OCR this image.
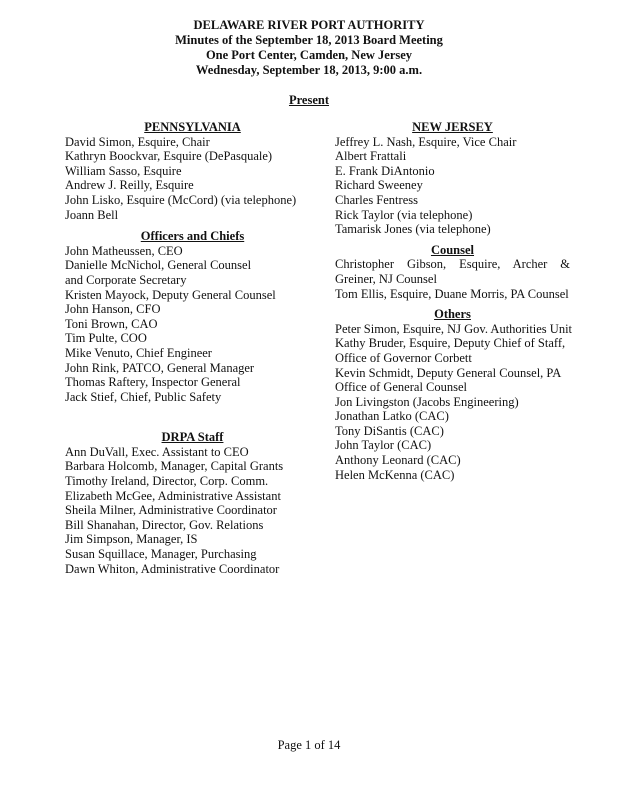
DELAWARE RIVER PORT AUTHORITY
Minutes of the September 18, 2013 Board Meeting
One Port Center, Camden, New Jersey
Wednesday, September 18, 2013, 9:00 a.m.
Present
PENNSYLVANIA
David Simon, Esquire, Chair
Kathryn Boockvar, Esquire (DePasquale)
William Sasso, Esquire
Andrew J. Reilly, Esquire
John Lisko, Esquire (McCord) (via telephone)
Joann Bell
Officers and Chiefs
John Matheussen, CEO
Danielle McNichol, General Counsel
and Corporate Secretary
Kristen Mayock, Deputy General Counsel
John Hanson, CFO
Toni Brown, CAO
Tim Pulte, COO
Mike Venuto, Chief Engineer
John Rink, PATCO, General Manager
Thomas Raftery, Inspector General
Jack Stief, Chief, Public Safety
DRPA Staff
Ann DuVall, Exec. Assistant to CEO
Barbara Holcomb, Manager, Capital Grants
Timothy Ireland, Director, Corp. Comm.
Elizabeth McGee, Administrative Assistant
Sheila Milner, Administrative Coordinator
Bill Shanahan, Director, Gov. Relations
Jim Simpson, Manager, IS
Susan Squillace, Manager, Purchasing
Dawn Whiton, Administrative Coordinator
NEW JERSEY
Jeffrey L. Nash, Esquire, Vice Chair
Albert Frattali
E. Frank DiAntonio
Richard Sweeney
Charles Fentress
Rick Taylor (via telephone)
Tamarisk Jones (via telephone)
Counsel
Christopher Gibson, Esquire, Archer &
Greiner, NJ Counsel
Tom Ellis, Esquire, Duane Morris, PA Counsel
Others
Peter Simon, Esquire, NJ Gov. Authorities Unit
Kathy Bruder, Esquire, Deputy Chief of Staff,
Office of Governor Corbett
Kevin Schmidt, Deputy General Counsel, PA
Office of General Counsel
Jon Livingston (Jacobs Engineering)
Jonathan Latko (CAC)
Tony DiSantis (CAC)
John Taylor (CAC)
Anthony Leonard (CAC)
Helen McKenna (CAC)
Page 1 of 14
